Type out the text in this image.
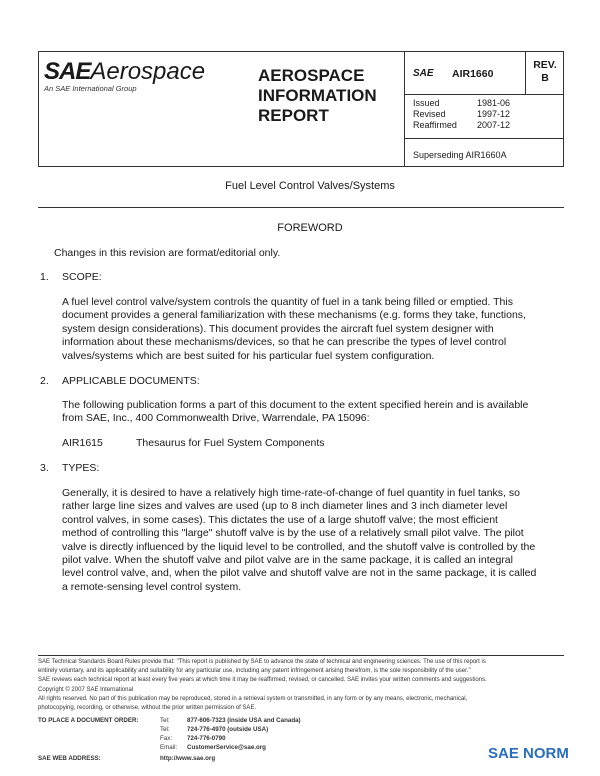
SAEAerospace
An SAE International Group
AEROSPACE
INFORMATION
REPORT
SAE AIR1660
REV.
B
Issued	1981-06
Revised	1997-12
Reaffirmed 2007-12
Superseding AIR1660A
Fuel Level Control Valves/Systems
FOREWORD
Changes in this revision are format/editorial only.
1. SCOPE:
A fuel level control valve/system controls the quantity of fuel in a tank being filled or emptied. This
document provides a general familiarization with these mechanisms (e.g. forms they take, functions,
system design considerations). This document provides the aircraft fuel system designer with
information about these mechanisms/devices, so that he can prescribe the types of level control
valves/systems which are best suited for his particular fuel system configuration.
2. APPLICABLE DOCUMENTS:
The following publication forms a part of this document to the extent specified herein and is available
from SAE, Inc., 400 Commonwealth Drive, Warrendale, PA 15096:
AIR1615	Thesaurus for Fuel System Components
3. TYPES:
Generally, it is desired to have a relatively high time-rate-of-change of fuel quantity in fuel tanks, so
rather large line sizes and valves are used (up to 8 inch diameter lines and 3 inch diameter level
control valves, in some cases). This dictates the use of a large shutoff valve; the most efficient
method of controlling this "large" shutoff valve is by the use of a relatively small pilot valve. The pilot
valve is directly influenced by the liquid level to be controlled, and the shutoff valve is controlled by the
pilot valve. When the shutoff valve and pilot valve are in the same package, it is called an integral
level control valve, and, when the pilot valve and shutoff valve are not in the same package, it is called
a remote-sensing level control system.
SAE Technical Standards Board Rules provide that: "This report is published by SAE to advance the state of technical and engineering sciences. The use of this report is
entirely voluntary, and its applicability and suitability for any particular use, including any patent infringement arising therefrom, is the sole responsibility of the user."
SAE reviews each technical report at least every five years at which time it may be reaffirmed, revised, or cancelled. SAE invites your written comments and suggestions.
Copyright © 2007 SAE International
All rights reserved. No part of this publication may be reproduced, stored in a retrieval system or transmitted, in any form or by any means, electronic, mechanical,
photocopying, recording, or otherwise, without the prior written permission of SAE.
TO PLACE A DOCUMENT ORDER:	Tel:	877-606-7323 (inside USA and Canada)
Tel:	724-776-4970 (outside USA)
Fax: 724-776-0790
Email: CustomerService@sae.org
SAE WEB ADDRESS:	http://www.sae.org	SAE NORM
